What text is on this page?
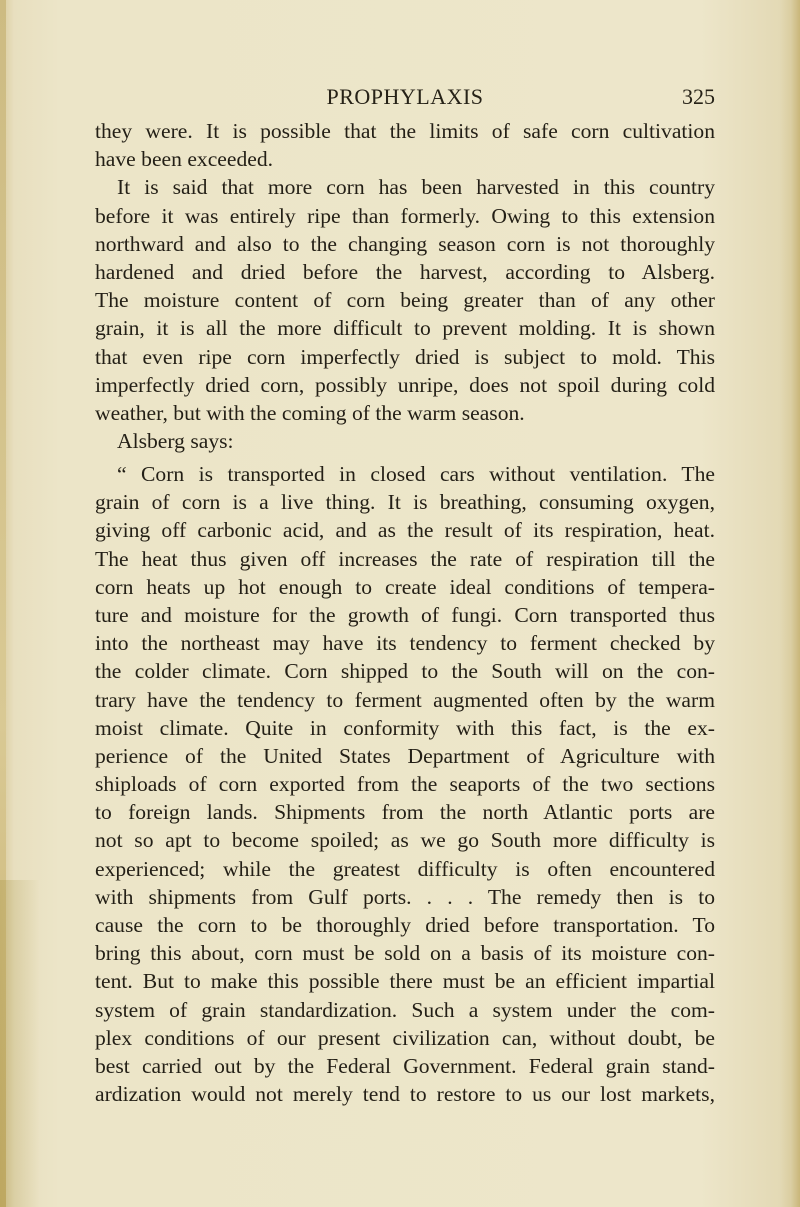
PROPHYLAXIS	325
they were. It is possible that the limits of safe corn cultivation
have been exceeded.
It is said that more corn has been harvested in this country
before it was entirely ripe than formerly. Owing to this extension
northward and also to the changing season corn is not thoroughly
hardened and dried before the harvest, according to Alsberg.
The moisture content of corn being greater than of any other
grain, it is all the more difficult to prevent molding. It is shown
that even ripe corn imperfectly dried is subject to mold. This
imperfectly dried corn, possibly unripe, does not spoil during cold
weather, but with the coming of the warm season.
Alsberg says:
“ Corn is transported in closed cars without ventilation. The
grain of corn is a live thing. It is breathing, consuming oxygen,
giving off carbonic acid, and as the result of its respiration, heat.
The heat thus given off increases the rate of respiration till the
corn heats up hot enough to create ideal conditions of tempera-
ture and moisture for the growth of fungi. Corn transported thus
into the northeast may have its tendency to ferment checked by
the colder climate. Corn shipped to the South will on the con-
trary have the tendency to ferment augmented often by the warm
moist climate. Quite in conformity with this fact, is the ex-
perience of the United States Department of Agriculture with
shiploads of corn exported from the seaports of the two sections
to foreign lands. Shipments from the north Atlantic ports are
not so apt to become spoiled; as we go South more difficulty is
experienced; while the greatest difficulty is often encountered
with shipments from Gulf ports. . . . The remedy then is to
cause the corn to be thoroughly dried before transportation. To
bring this about, corn must be sold on a basis of its moisture con-
tent. But to make this possible there must be an efficient impartial
system of grain standardization. Such a system under the com-
plex conditions of our present civilization can, without doubt, be
best carried out by the Federal Government. Federal grain stand-
ardization would not merely tend to restore to us our lost markets,
